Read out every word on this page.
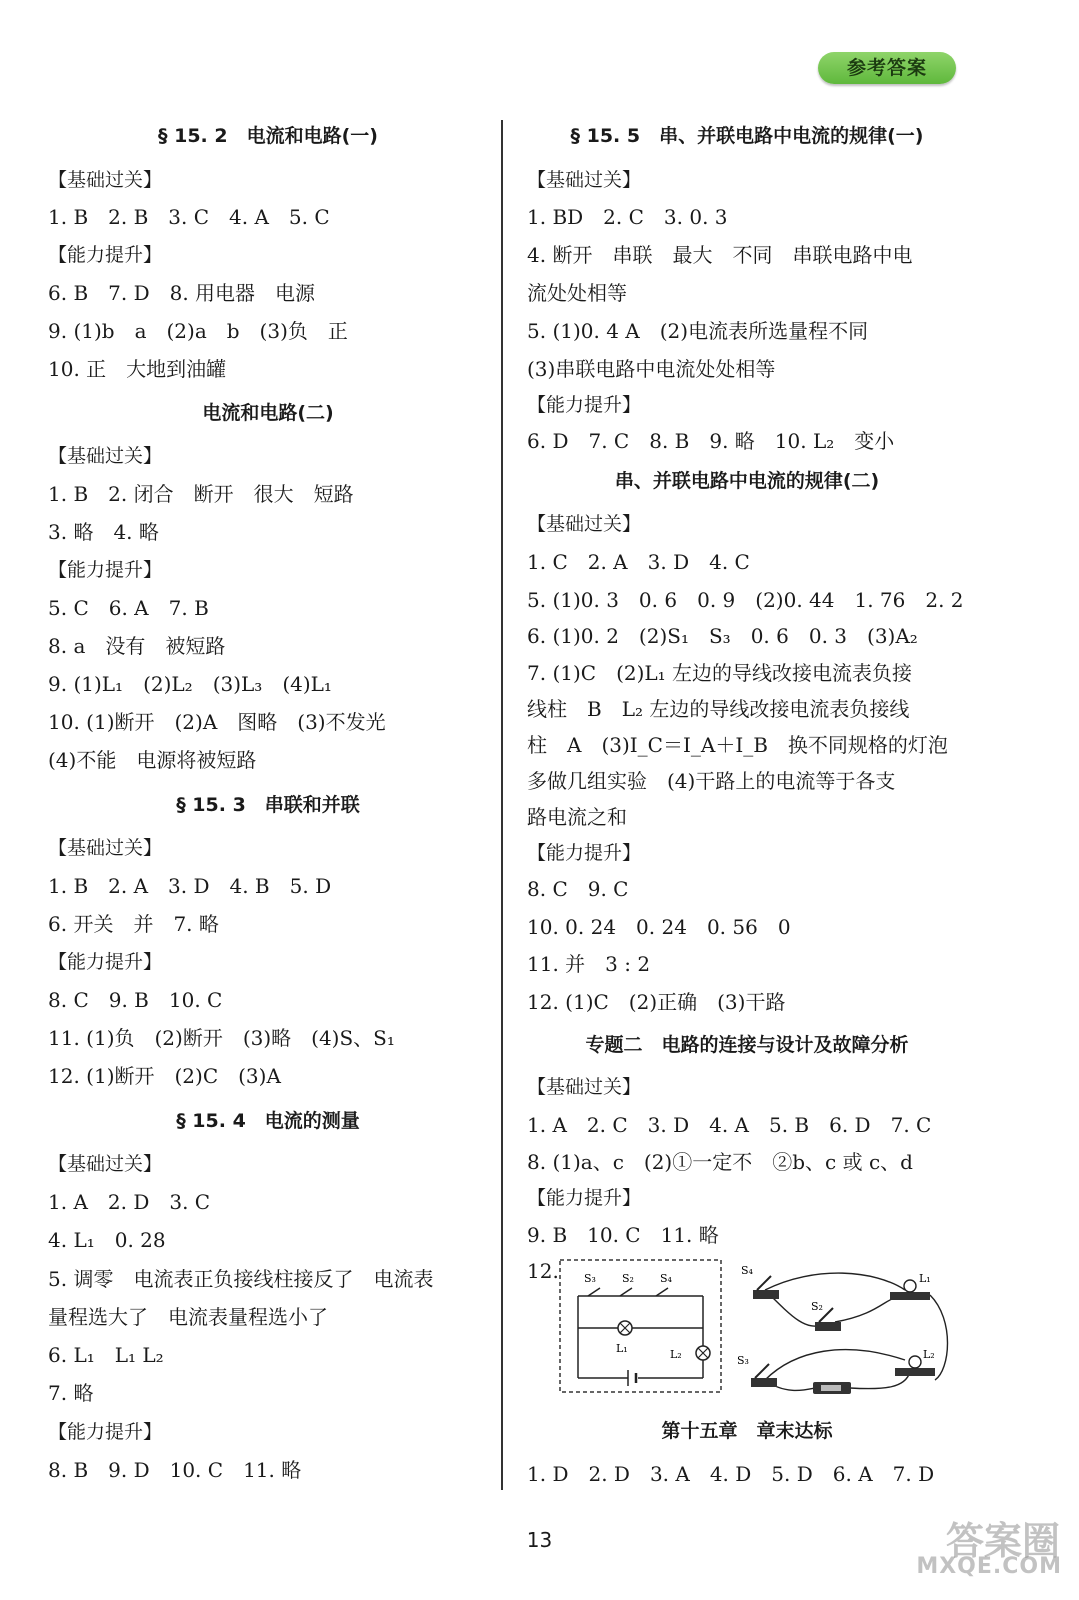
参考答案
§ 15. 2　电流和电路(一)
【基础过关】
1. B　2. B　3. C　4. A　5. C
【能力提升】
6. B　7. D　8. 用电器　电源
9. (1)b　a　(2)a　b　(3)负　正
10. 正　大地到油罐
电流和电路(二)
【基础过关】
1. B　2. 闭合　断开　很大　短路
3. 略　4. 略
【能力提升】
5. C　6. A　7. B
8. a　没有　被短路
9. (1)L₁　(2)L₂　(3)L₃　(4)L₁
10. (1)断开　(2)A　图略　(3)不发光
(4)不能　电源将被短路
§ 15. 3　串联和并联
【基础过关】
1. B　2. A　3. D　4. B　5. D
6. 开关　并　7. 略
【能力提升】
8. C　9. B　10. C
11. (1)负　(2)断开　(3)略　(4)S、S₁
12. (1)断开　(2)C　(3)A
§ 15. 4　电流的测量
【基础过关】
1. A　2. D　3. C
4. L₁　0. 28
5. 调零　电流表正负接线柱接反了　电流表
量程选大了　电流表量程选小了
6. L₁　L₁ L₂
7. 略
【能力提升】
8. B　9. D　10. C　11. 略
§ 15. 5　串、并联电路中电流的规律(一)
【基础过关】
1. BD　2. C　3. 0. 3
4. 断开　串联　最大　不同　串联电路中电
流处处相等
5. (1)0. 4 A　(2)电流表所选量程不同
(3)串联电路中电流处处相等
【能力提升】
6. D　7. C　8. B　9. 略　10. L₂　变小
串、并联电路中电流的规律(二)
【基础过关】
1. C　2. A　3. D　4. C
5. (1)0. 3　0. 6　0. 9　(2)0. 44　1. 76　2. 2
6. (1)0. 2　(2)S₁　S₃　0. 6　0. 3　(3)A₂
7. (1)C　(2)L₁ 左边的导线改接电流表负接
线柱　B　L₂ 左边的导线改接电流表负接线
柱　A　(3)I_C＝I_A＋I_B　换不同规格的灯泡
多做几组实验　(4)干路上的电流等于各支
路电流之和
【能力提升】
8. C　9. C
10. 0. 24　0. 24　0. 56　0
11. 并　3 : 2
12. (1)C　(2)正确　(3)干路
专题二　电路的连接与设计及故障分析
【基础过关】
1. A　2. C　3. D　4. A　5. B　6. D　7. C
8. (1)a、c　(2)①一定不　②b、c 或 c、d
【能力提升】
9. B　10. C　11. 略
12.
第十五章　章末达标
1. D　2. D　3. A　4. D　5. D　6. A　7. D
S₃ S₂ S₄
L₁	L₂
S₄
S₂
S₃
L₁
L₂
13	答案圈
MXQE.COM
